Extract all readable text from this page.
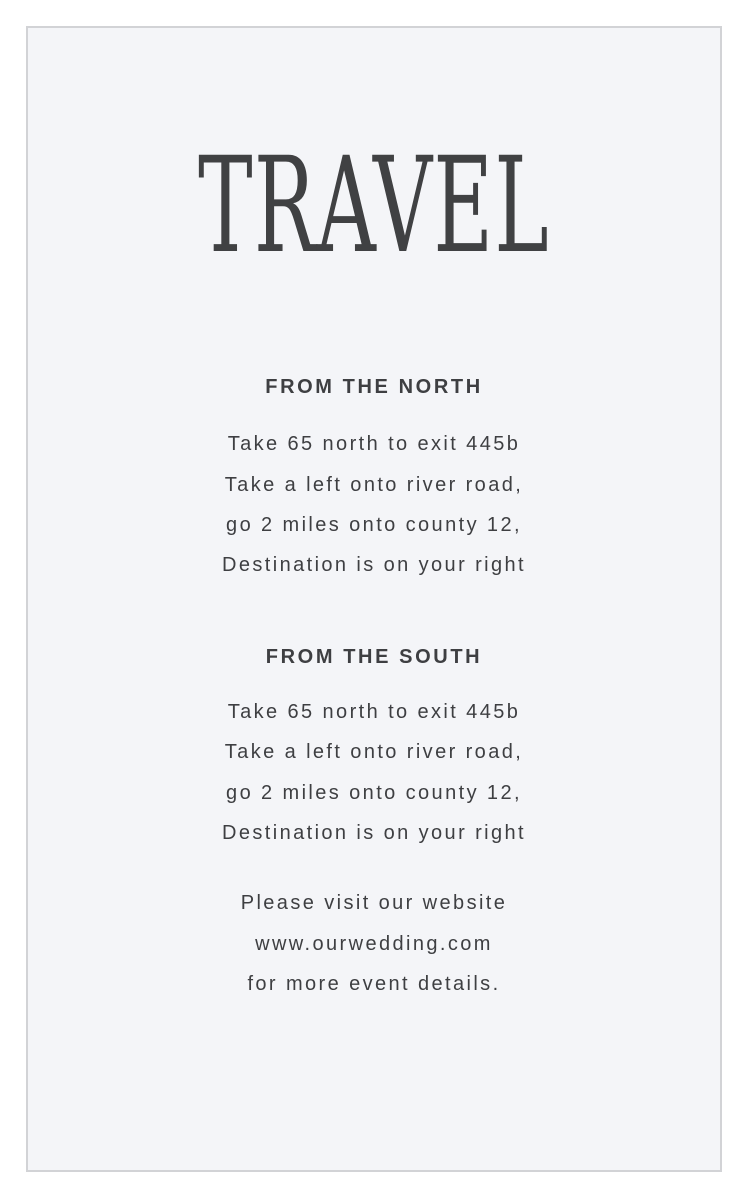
TRAVEL
FROM THE NORTH

Take 65 north to exit 445b

Take a left onto river road,

go 2 miles onto county 12,

Destination is on your right

FROM THE SOUTH

Take 65 north to exit 445b

Take a left onto river road,

go 2 miles onto county 12,

Destination is on your right

Please visit our website

www.ourwedding.com

for more event details.
